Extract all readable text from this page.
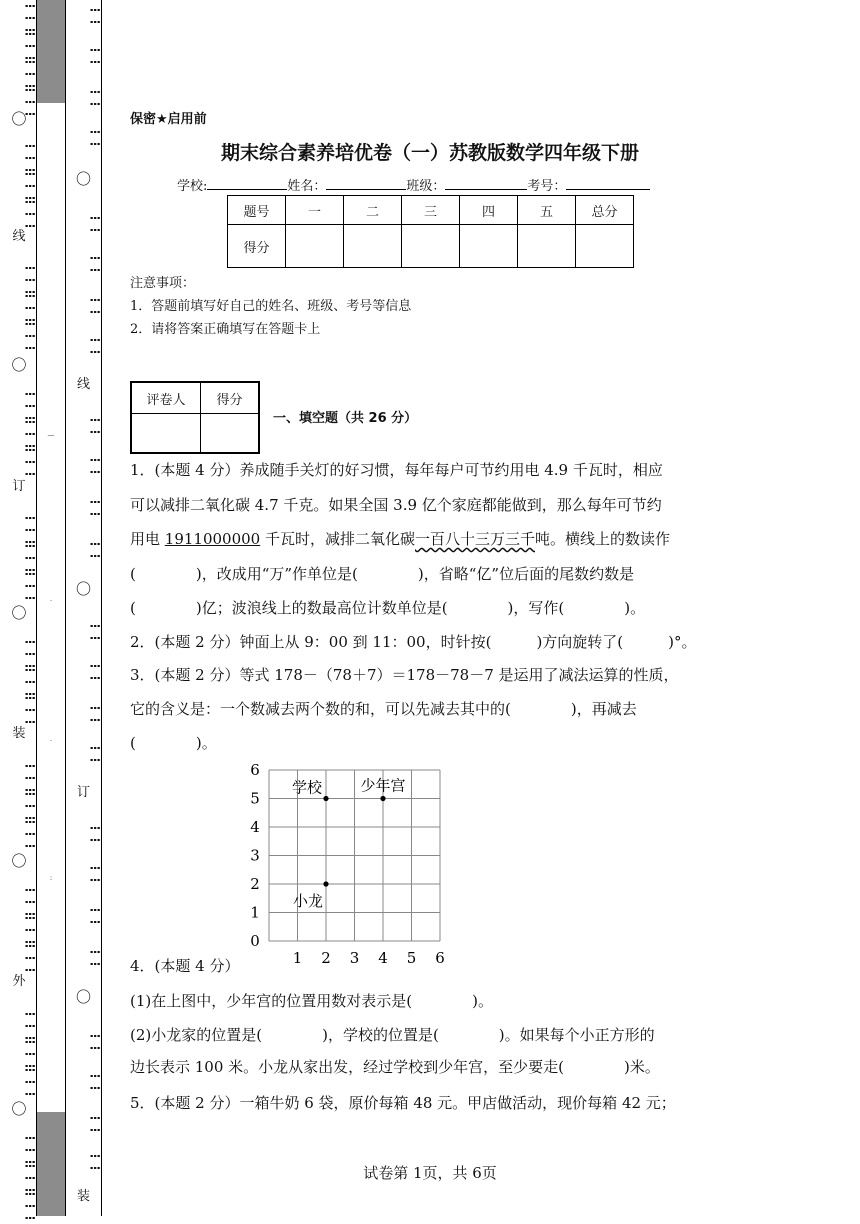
⋮⋮⋮
⋮⋮⋮
⋮⋮⋮
⋮⋮⋮
〇
⋮⋮⋮
⋮⋮⋮
⋮⋮⋮
线
⋮⋮⋮
⋮⋮⋮
⋮⋮⋮
〇
⋮⋮⋮
⋮⋮⋮
⋮⋮⋮
订
⋮⋮⋮
⋮⋮⋮
⋮⋮⋮
〇
⋮⋮⋮
⋮⋮⋮
⋮⋮⋮
装
⋮⋮⋮
⋮⋮⋮
⋮⋮⋮
〇
⋮⋮⋮
⋮⋮⋮
⋮⋮⋮
外
⋮⋮⋮
⋮⋮⋮
⋮⋮⋮
〇
⋮⋮⋮
⋮⋮⋮
⋮⋮⋮
—
·
·
:
⋮⋮
⋮⋮
⋮⋮
⋮⋮
〇
⋮⋮
⋮⋮
⋮⋮
⋮⋮
线
⋮⋮
⋮⋮
⋮⋮
⋮⋮
〇
⋮⋮
⋮⋮
⋮⋮
⋮⋮
订
⋮⋮
⋮⋮
⋮⋮
⋮⋮
〇
⋮⋮
⋮⋮
⋮⋮
⋮⋮
装
保密★启用前
期末综合素养培优卷（一）苏教版数学四年级下册
学校:	姓名：	班级：	考号：
题号	一	二	三	四	五	总分
得分						
注意事项：
1．答题前填写好自己的姓名、班级、考号等信息
2．请将答案正确填写在答题卡上
评卷人	得分

一、填空题（共 26 分）
1．(本题 4 分）养成随手关灯的好习惯，每年每户可节约用电 4.9 千瓦时，相应
可以减排二氧化碳 4.7 千克。如果全国 3.9 亿个家庭都能做到，那么每年可节约
用电 1911000000 千瓦时，减排二氧化碳一百八十三万三千吨。横线上的数读作
(　　　　)，改成用“万”作单位是(　　　　)，省略“亿”位后面的尾数约数是
(　　　　)亿；波浪线上的数最高位计数单位是(　　　　)，写作(　　　　)。
2．(本题 2 分）钟面上从 9：00 到 11：00，时针按(　　　)方向旋转了(　　　)°。
3．(本题 2 分）等式 178－（78＋7）＝178－78－7 是运用了减法运算的性质，
它的含义是：一个数减去两个数的和，可以先减去其中的(　　　　)，再减去
(　　　　)。
4．(本题 4 分）
(1)在上图中，少年宫的位置用数对表示是(　　　　)。
(2)小龙家的位置是(　　　　)，学校的位置是(　　　　)。如果每个小正方形的
边长表示 100 米。小龙从家出发，经过学校到少年宫，至少要走(　　　　)米。
5．(本题 2 分）一箱牛奶 6 袋，原价每箱 48 元。甲店做活动，现价每箱 42 元；
0
1
2
3
4
5
6
1 2 3 4 5 6
学校	少年宫
小龙
试卷第 1页，共 6页
